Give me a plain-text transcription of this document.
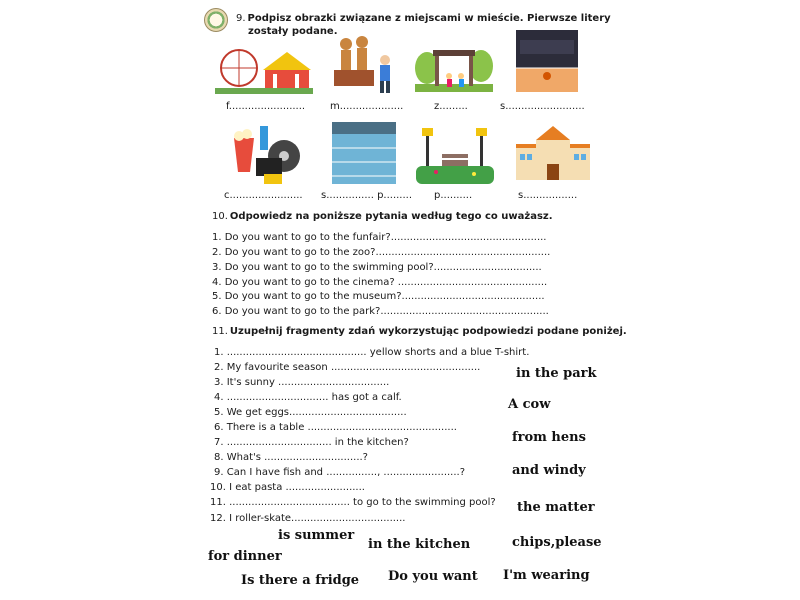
9. Podpisz obrazki związane z miejscami w mieście. Pierwsze litery
zostały podane.
f........................ m....................	z.........	s.........................
c....................... s............... p......... p..........	s.................
10. Odpowiedz na poniższe pytania według tego co uważasz.
1. Do you want to go to the funfair?.................................................
2. Do you want to go to the zoo?.......................................................
3. Do you want to go to the swimming pool?..................................
4. Do you want to go to the cinema? ...............................................
5. Do you want to go to the museum?.............................................
6. Do you want to go to the park?.....................................................
11. Uzupełnij fragmenty zdań wykorzystując podpowiedzi podane poniżej.
1. ............................................ yellow shorts and a blue T-shirt.
2. My favourite season ...............................................
3. It's sunny ...................................
4. ................................ has got a calf.
5. We get eggs.....................................
6. There is a table ...............................................
7. ................................. in the kitchen?
8. What's ...............................?
9. Can I have fish and ................, ........................?
10. I eat pasta .........................
11. ...................................... to go to the swimming pool?
12. I roller-skate....................................
in the park
A cow
from hens
and windy
the matter
is summer
in the kitchen	chips,please
for dinner
Do you want I'm wearing
Is there a fridge
